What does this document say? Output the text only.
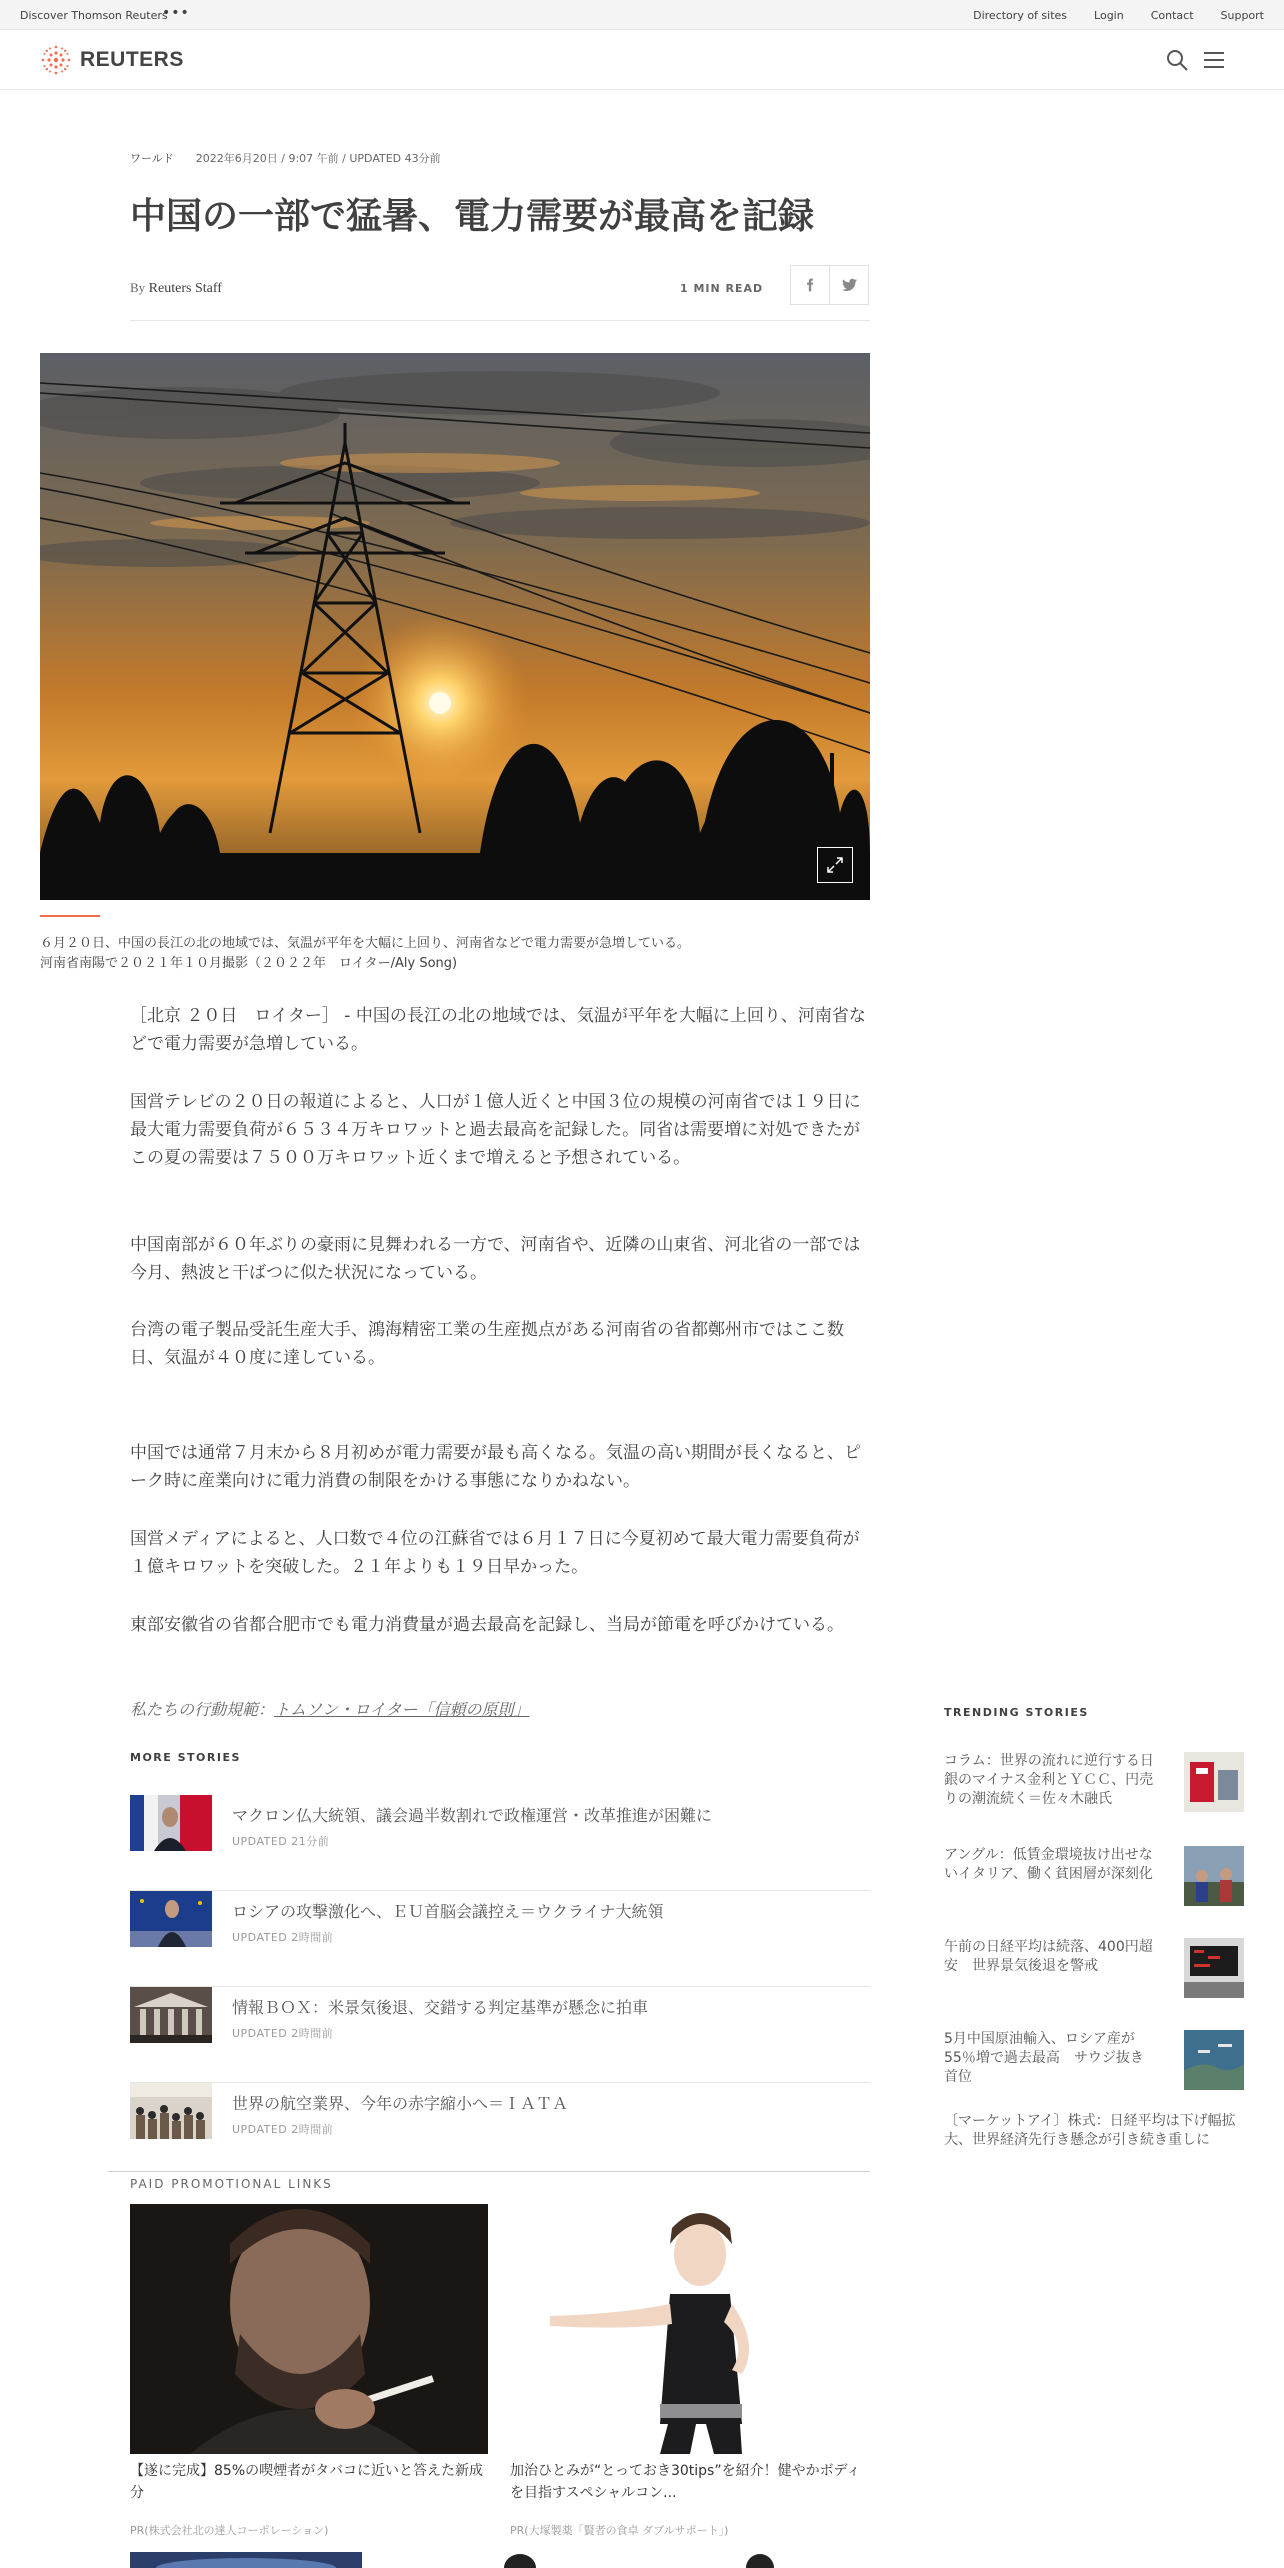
Discover Thomson Reuters
•••	Directory of sites Login Contact Support
REUTERS
ワールド 2022年6月20日 / 9:07 午前 / UPDATED 43分前
中国の一部で猛暑、電力需要が最高を記録
By Reuters Staff	1 MIN READ

６月２０日、中国の長江の北の地域では、気温が平年を大幅に上回り、河南省などで電力需要が急増している。河南省南陽で２０２１年１０月撮影（２０２２年　ロイター/Aly Song)

［北京 ２０日　ロイター］ - 中国の長江の北の地域では、気温が平年を大幅に上回り、河南省などで電力需要が急増している。

国営テレビの２０日の報道によると、人口が１億人近くと中国３位の規模の河南省では１９日に最大電力需要負荷が６５３４万キロワットと過去最高を記録した。同省は需要増に対処できたがこの夏の需要は７５００万キロワット近くまで増えると予想されている。

中国南部が６０年ぶりの豪雨に見舞われる一方で、河南省や、近隣の山東省、河北省の一部では今月、熱波と干ばつに似た状況になっている。

台湾の電子製品受託生産大手、鴻海精密工業の生産拠点がある河南省の省都鄭州市ではここ数日、気温が４０度に達している。

中国では通常７月末から８月初めが電力需要が最も高くなる。気温の高い期間が長くなると、ピーク時に産業向けに電力消費の制限をかける事態になりかねない。

国営メディアによると、人口数で４位の江蘇省では６月１７日に今夏初めて最大電力需要負荷が１億キロワットを突破した。２１年よりも１９日早かった。

東部安徽省の省都合肥市でも電力消費量が過去最高を記録し、当局が節電を呼びかけている。

私たちの行動規範：トムソン・ロイター「信頼の原則」
MORE STORIES
マクロン仏大統領、議会過半数割れで政権運営・改革推進が困難に
UPDATED 21分前
ロシアの攻撃激化へ、ＥＵ首脳会議控え＝ウクライナ大統領
UPDATED 2時間前
情報ＢＯＸ：米景気後退、交錯する判定基準が懸念に拍車
UPDATED 2時間前
世界の航空業界、今年の赤字縮小へ＝ＩＡＴＡ
UPDATED 2時間前
PAID PROMOTIONAL LINKS
【遂に完成】85%の喫煙者がタバコに近いと答えた新成分
PR(株式会社北の達人コーポレーション)
加治ひとみが“とっておき30tips”を紹介！健やかボディを目指すスペシャルコン...
PR(大塚製薬「賢者の食卓 ダブルサポート」)
TRENDING STORIES
コラム：世界の流れに逆行する日銀のマイナス金利とＹＣＣ、円売りの潮流続く＝佐々木融氏
アングル：低賃金環境抜け出せないイタリア、働く貧困層が深刻化
午前の日経平均は続落、400円超安　世界景気後退を警戒
5月中国原油輸入、ロシア産が55％増で過去最高　サウジ抜き首位
〔マーケットアイ〕株式：日経平均は下げ幅拡大、世界経済先行き懸念が引き続き重しに
